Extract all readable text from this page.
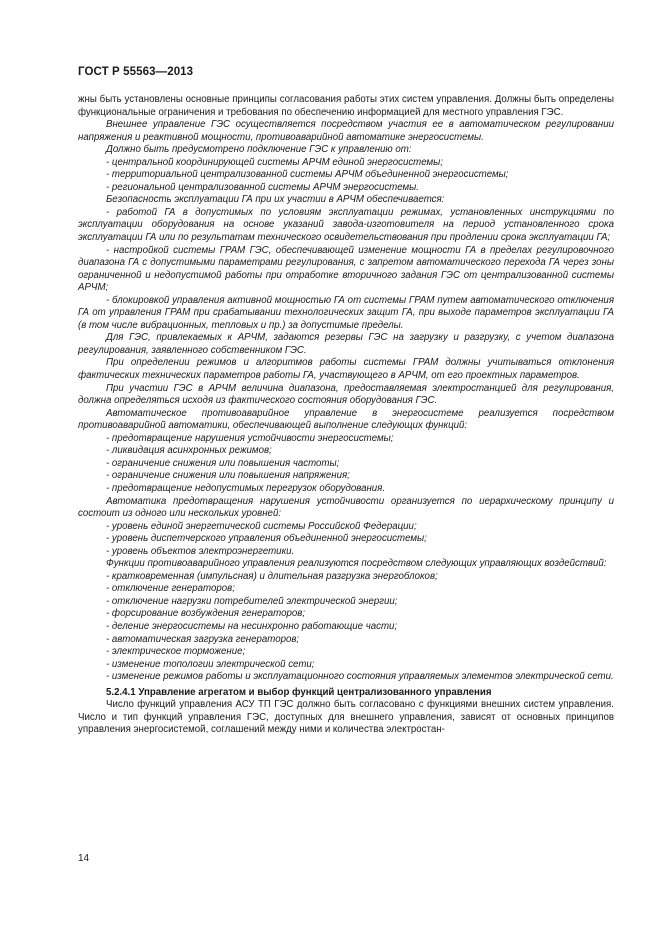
ГОСТ Р 55563—2013

жны быть установлены основные принципы согласования работы этих систем управления. Должны быть определены функциональные ограничения и требования по обеспечению информацией для местного управления ГЭС.

Внешнее управление ГЭС осуществляется посредством участия ее в автоматическом регулировании напряжения и реактивной мощности, противоаварийной автоматике энергосистемы.

Должно быть предусмотрено подключение ГЭС к управлению от:

- центральной координирующей системы АРЧМ единой энергосистемы;

- территориальной централизованной системы АРЧМ объединенной энергосистемы;

- региональной централизованной системы АРЧМ энергосистемы.

Безопасность эксплуатации ГА при их участии в АРЧМ обеспечивается:

- работой ГА в допустимых по условиям эксплуатации режимах, установленных инструкциями по эксплуатации оборудования на основе указаний завода-изготовителя на период установленного срока эксплуатации ГА или по результатам технического освидетельствования при продлении срока эксплуатации ГА;

- настройкой системы ГРАМ ГЭС, обеспечивающей изменение мощности ГА в пределах регулировочного диапазона ГА с допустимыми параметрами регулирования, с запретом автоматического перехода ГА через зоны ограниченной и недопустимой работы при отработке вторичного задания ГЭС от централизованной системы АРЧМ;

- блокировкой управления активной мощностью ГА от системы ГРАМ путем автоматического отключения ГА от управления ГРАМ при срабатывании технологических защит ГА, при выходе параметров эксплуатации ГА (в том числе вибрационных, тепловых и пр.) за допустимые пределы.

Для ГЭС, привлекаемых к АРЧМ, задаются резервы ГЭС на загрузку и разгрузку, с учетом диапазона регулирования, заявленного собственником ГЭС.

При определении режимов и алгоритмов работы системы ГРАМ должны учитываться отклонения фактических технических параметров работы ГА, участвующего в АРЧМ, от его проектных параметров.

При участии ГЭС в АРЧМ величина диапазона, предоставляемая электростанцией для регулирования, должна определяться исходя из фактического состояния оборудования ГЭС.

Автоматическое противоаварийное управление в энергосистеме реализуется посредством противоаварийной автоматики, обеспечивающей выполнение следующих функций:

- предотвращение нарушения устойчивости энергосистемы;

- ликвидация асинхронных режимов;

- ограничение снижения или повышения частоты;

- ограничение снижения или повышения напряжения;

- предотвращение недопустимых перегрузок оборудования.

Автоматика предотвращения нарушения устойчивости организуется по иерархическому принципу и состоит из одного или нескольких уровней:

- уровень единой энергетической системы Российской Федерации;

- уровень диспетчерского управления объединенной энергосистемы;

- уровень объектов электроэнергетики.

Функции противоаварийного управления реализуются посредством следующих управляющих воздействий:

- кратковременная (импульсная) и длительная разгрузка энергоблоков;

- отключение генераторов;

- отключение нагрузки потребителей электрической энергии;

- форсирование возбуждения генераторов;

- деление энергосистемы на несинхронно работающие части;

- автоматическая загрузка генераторов;

- электрическое торможение;

- изменение топологии электрической сети;

- изменение режимов работы и эксплуатационного состояния управляемых элементов электрической сети.

5.2.4.1 Управление агрегатом и выбор функций централизованного управления

Число функций управления АСУ ТП ГЭС должно быть согласовано с функциями внешних систем управления. Число и тип функций управления ГЭС, доступных для внешнего управления, зависят от основных принципов управления энергосистемой, соглашений между ними и количества электростан-

14
